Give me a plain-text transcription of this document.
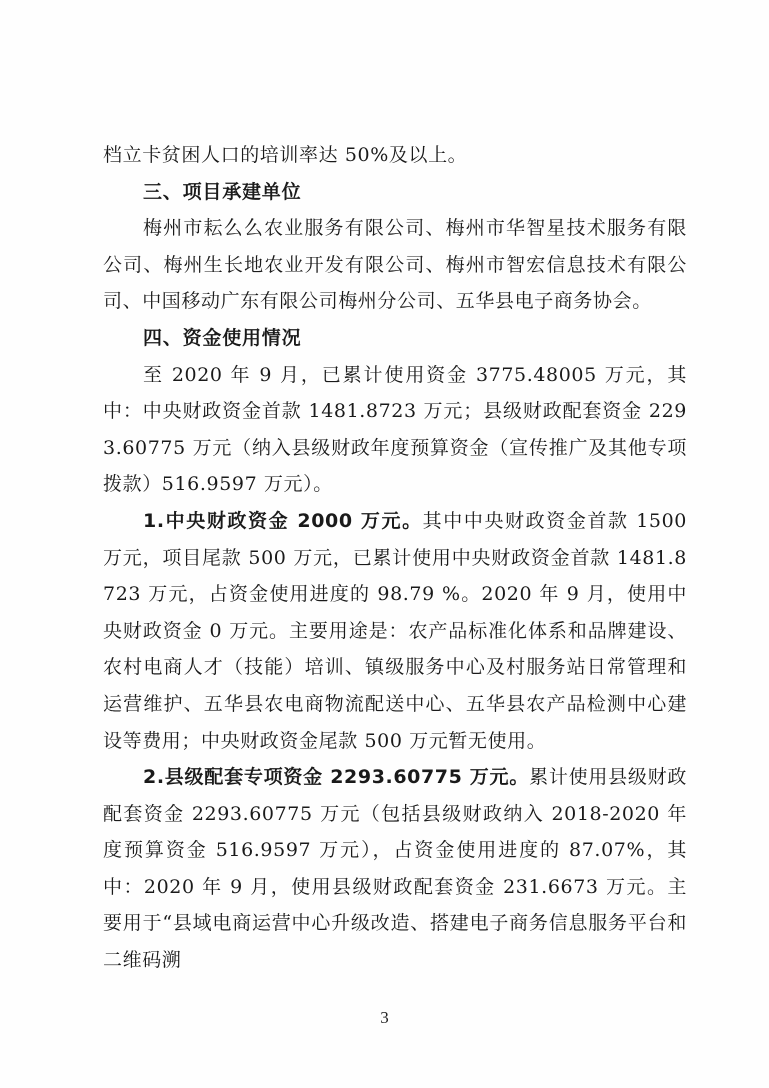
档立卡贫困人口的培训率达 50%及以上。

三、项目承建单位

梅州市耘么么农业服务有限公司、梅州市华智星技术服务有限公司、梅州生长地农业开发有限公司、梅州市智宏信息技术有限公司、中国移动广东有限公司梅州分公司、五华县电子商务协会。

四、资金使用情况

至 2020 年 9 月，已累计使用资金 3775.48005 万元，其中：中央财政资金首款 1481.8723 万元；县级财政配套资金 2293.60775 万元（纳入县级财政年度预算资金（宣传推广及其他专项拨款）516.9597 万元）。

1.中央财政资金 2000 万元。其中中央财政资金首款 1500 万元，项目尾款 500 万元，已累计使用中央财政资金首款 1481.8723 万元，占资金使用进度的 98.79 %。2020 年 9 月，使用中央财政资金 0 万元。主要用途是：农产品标准化体系和品牌建设、农村电商人才（技能）培训、镇级服务中心及村服务站日常管理和运营维护、五华县农电商物流配送中心、五华县农产品检测中心建设等费用；中央财政资金尾款 500 万元暂无使用。

2.县级配套专项资金 2293.60775 万元。累计使用县级财政配套资金 2293.60775 万元（包括县级财政纳入 2018-2020 年度预算资金 516.9597 万元），占资金使用进度的 87.07%，其中：2020 年 9 月，使用县级财政配套资金 231.6673 万元。主要用于“县域电商运营中心升级改造、搭建电子商务信息服务平台和二维码溯

3
